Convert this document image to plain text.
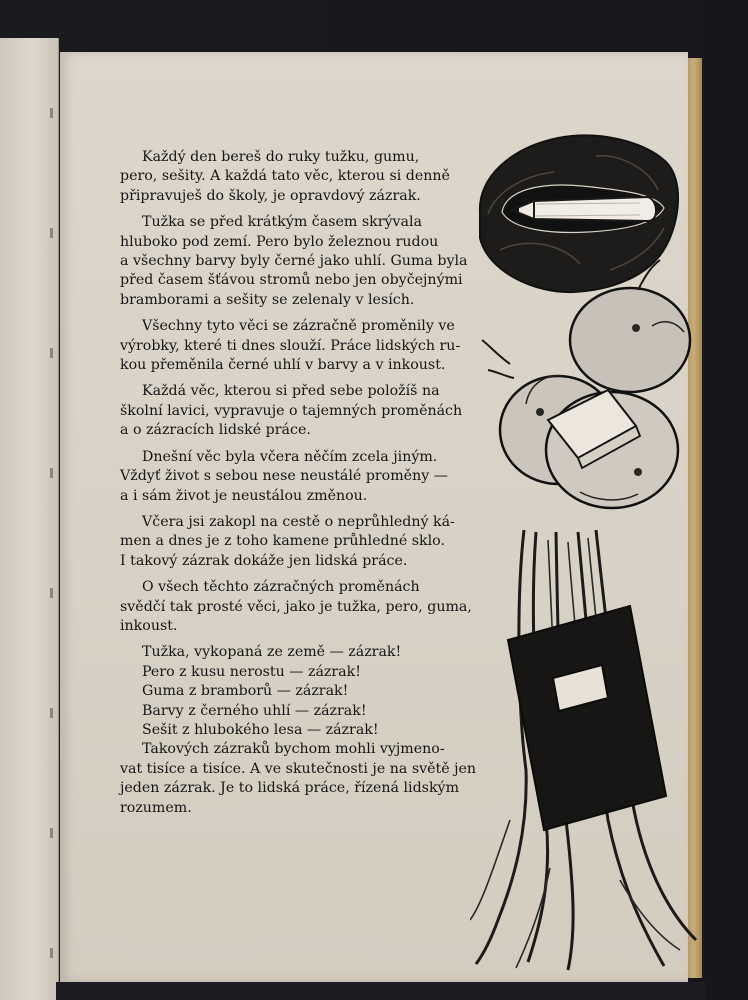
Každý den bereš do ruky tužku, gumu,

pero, sešity. A každá tato věc, kterou si denně

připravuješ do školy, je opravdový zázrak.

Tužka se před krátkým časem skrývala

hluboko pod zemí. Pero bylo železnou rudou

a všechny barvy byly černé jako uhlí. Guma byla

před časem šťávou stromů nebo jen obyčejnými

bramborami a sešity se zelenaly v lesích.

Všechny tyto věci se zázračně proměnily ve

výrobky, které ti dnes slouží. Práce lidských ru-

kou přeměnila černé uhlí v barvy a v inkoust.

Každá věc, kterou si před sebe položíš na

školní lavici, vypravuje o tajemných proměnách

a o zázracích lidské práce.

Dnešní věc byla včera něčím zcela jiným.

Vždyť život s sebou nese neustálé proměny —

a i sám život je neustálou změnou.

Včera jsi zakopl na cestě o neprůhledný ká-

men a dnes je z toho kamene průhledné sklo.

I takový zázrak dokáže jen lidská práce.

O všech těchto zázračných proměnách

svědčí tak prosté věci, jako je tužka, pero, guma,

inkoust.

Tužka, vykopaná ze země — zázrak!

Pero z kusu nerostu — zázrak!

Guma z bramborů — zázrak!

Barvy z černého uhlí — zázrak!

Sešit z hlubokého lesa — zázrak!

Takových zázraků bychom mohli vyjmeno-

vat tisíce a tisíce. A ve skutečnosti je na světě jen

jeden zázrak. Je to lidská práce, řízená lidským

rozumem.
